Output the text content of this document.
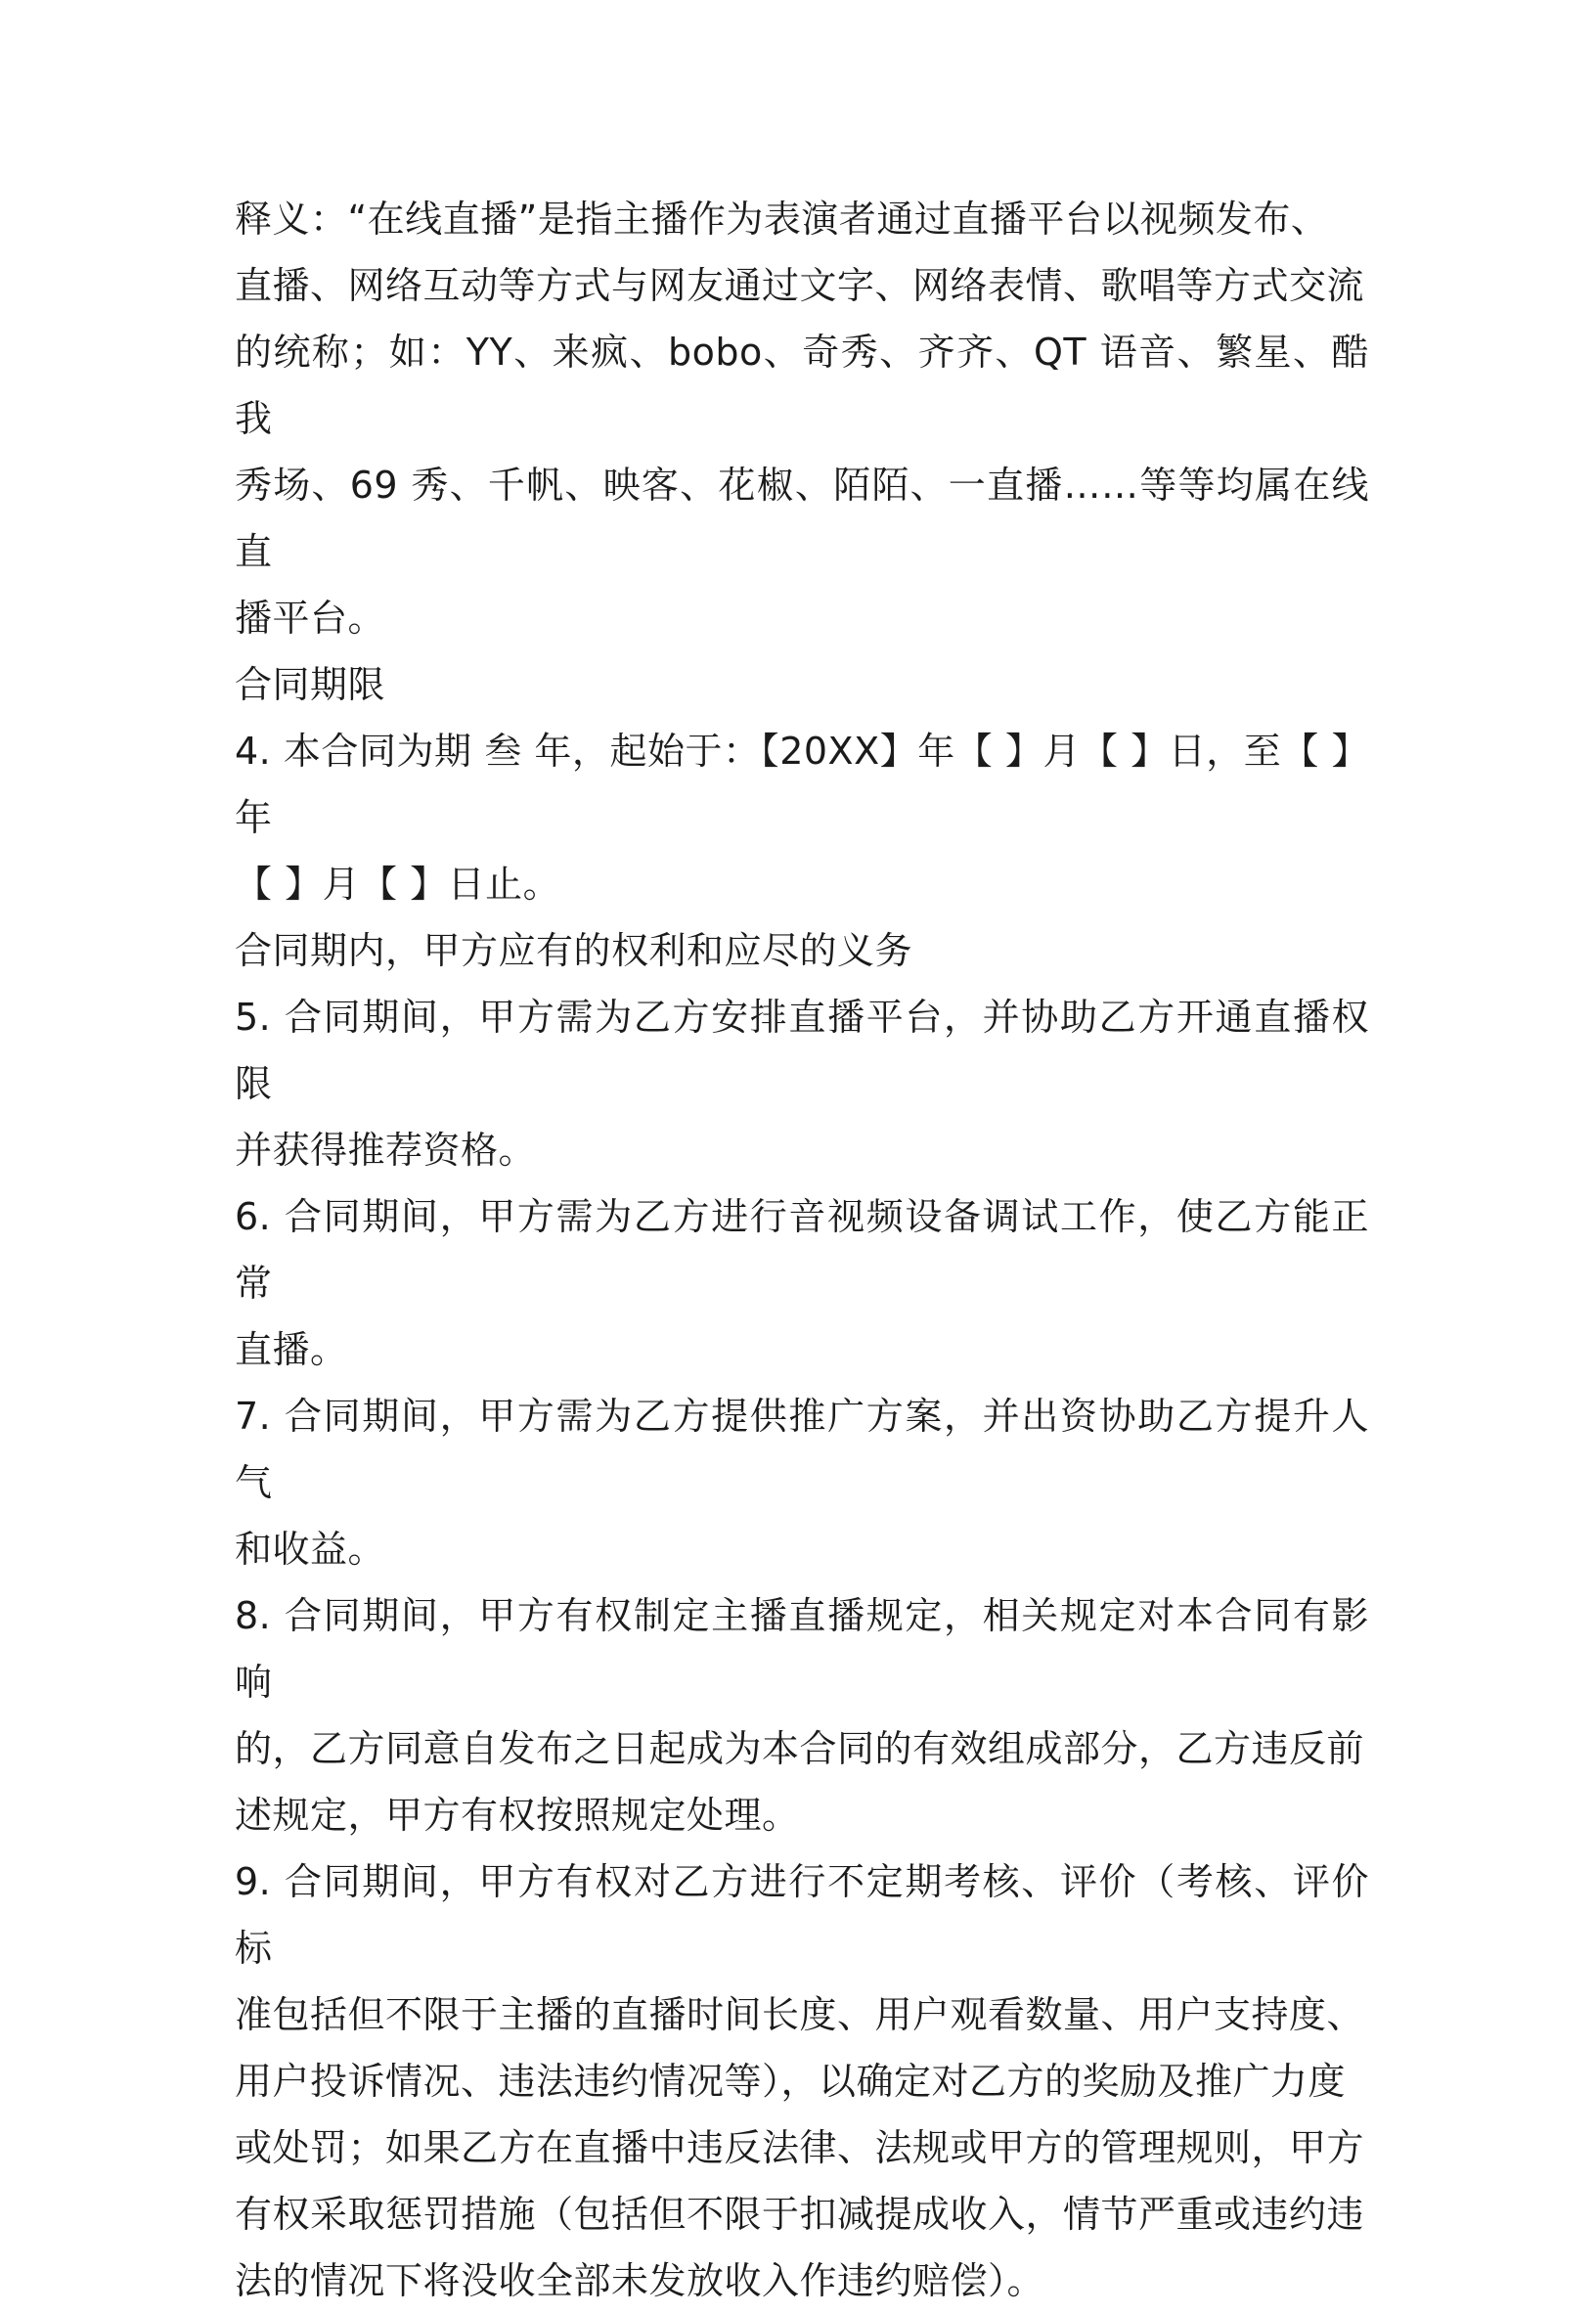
释义：“在线直播”是指主播作为表演者通过直播平台以视频发布、
直播、网络互动等方式与网友通过文字、网络表情、歌唱等方式交流
的统称；如：YY、来疯、bobo、奇秀、齐齐、QT 语音、繁星、酷我
秀场、69 秀、千帆、映客、花椒、陌陌、一直播……等等均属在线直
播平台。
合同期限
4. 本合同为期 叁 年，起始于：【20XX】年【 】月【 】日，至【 】年
【 】月【 】日止。
合同期内，甲方应有的权利和应尽的义务
5. 合同期间，甲方需为乙方安排直播平台，并协助乙方开通直播权限
并获得推荐资格。
6. 合同期间，甲方需为乙方进行音视频设备调试工作，使乙方能正常
直播。
7. 合同期间，甲方需为乙方提供推广方案，并出资协助乙方提升人气
和收益。
8. 合同期间，甲方有权制定主播直播规定，相关规定对本合同有影响
的，乙方同意自发布之日起成为本合同的有效组成部分，乙方违反前
述规定，甲方有权按照规定处理。
9. 合同期间，甲方有权对乙方进行不定期考核、评价（考核、评价标
准包括但不限于主播的直播时间长度、用户观看数量、用户支持度、
用户投诉情况、违法违约情况等），以确定对乙方的奖励及推广力度
或处罚；如果乙方在直播中违反法律、法规或甲方的管理规则，甲方
有权采取惩罚措施（包括但不限于扣减提成收入，情节严重或违约违
法的情况下将没收全部未发放收入作违约赔偿）。
